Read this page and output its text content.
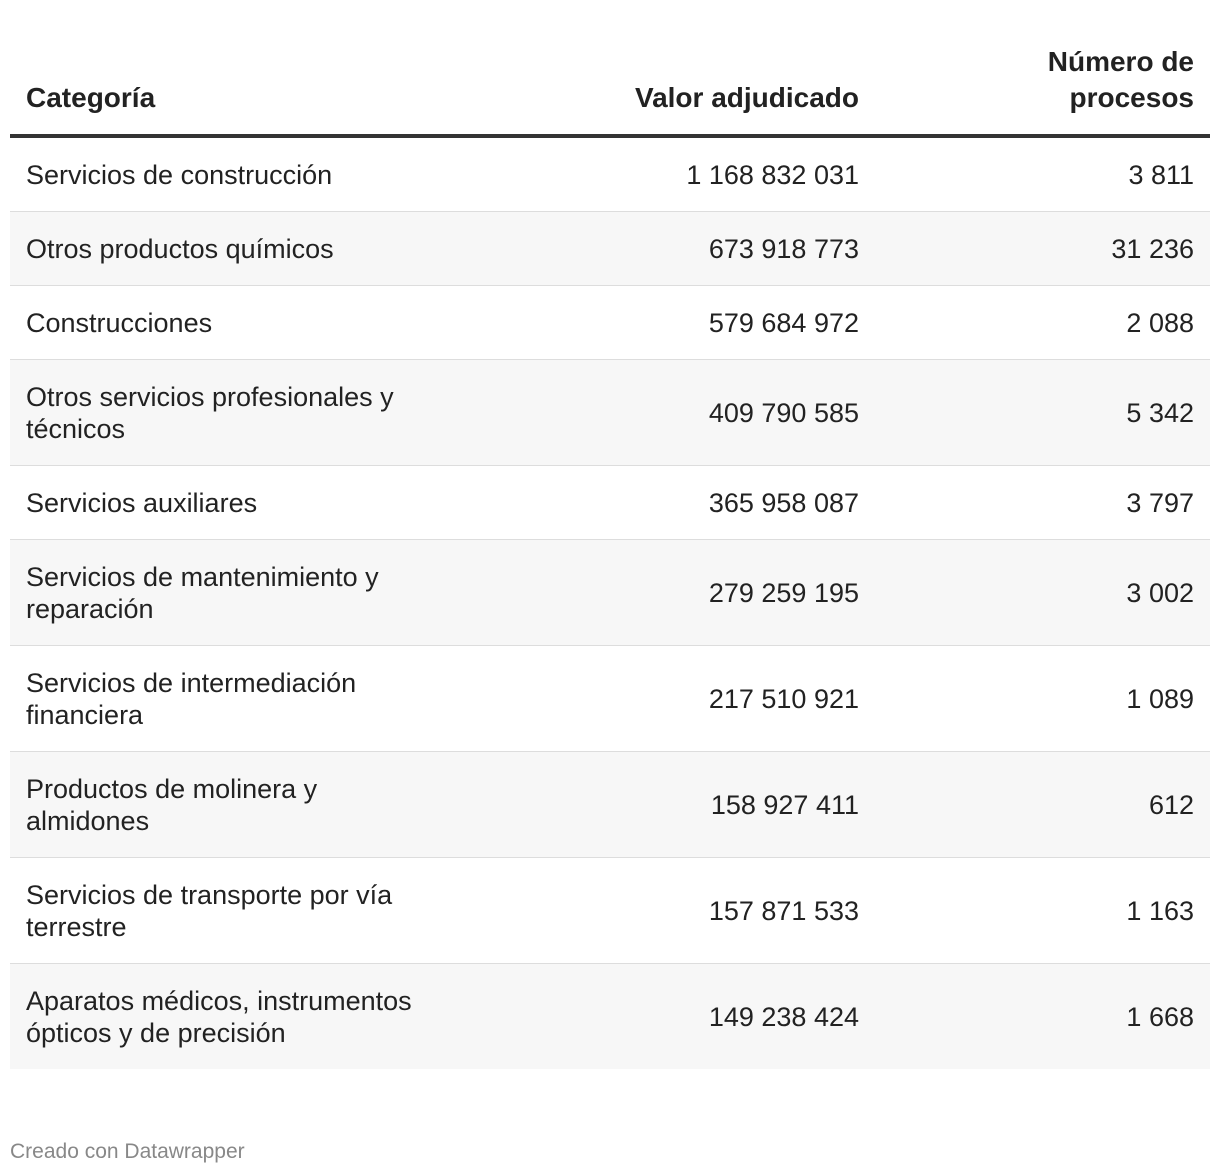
Categoría	Valor adjudicado	Número de procesos
Servicios de construcción	1 168 832 031	3 811
Otros productos químicos	673 918 773	31 236
Construcciones	579 684 972	2 088
Otros servicios profesionales y técnicos	409 790 585	5 342
Servicios auxiliares	365 958 087	3 797
Servicios de mantenimiento y reparación	279 259 195	3 002
Servicios de intermediación financiera	217 510 921	1 089
Productos de molinera y almidones	158 927 411	612
Servicios de transporte por vía terrestre	157 871 533	1 163
Aparatos médicos, instrumentos ópticos y de precisión	149 238 424	1 668
Creado con Datawrapper
